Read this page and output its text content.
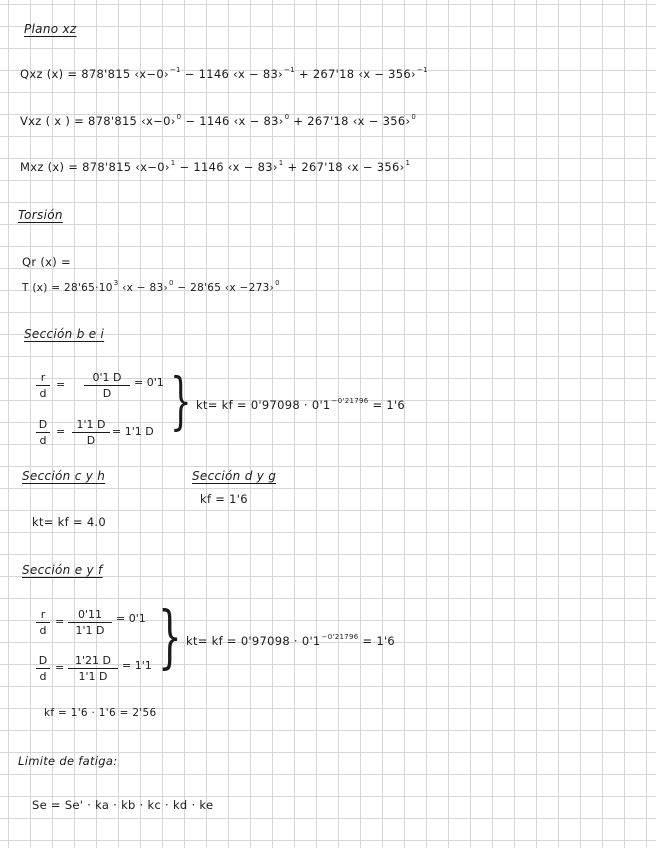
Plano xz
Qxz (x) = 878'815 ‹x−0›$^{-1}$ − 1146 ‹x − 83›$^{-1}$ + 267'18 ‹x − 356›$^{-1}$
Vxz ( x ) = 878'815 ‹x−0›$^0$ − 1146 ‹x − 83›$^0$ + 267'18 ‹x − 356›$^0$
Mxz (x) = 878'815 ‹x−0›$^1$ − 1146 ‹x − 83›$^1$ + 267'18 ‹x − 356›$^1$
Torsión
Qr (x) =
T $(x) = 28'65\cdot 10^3$ ‹x − 83›$^0$ − 28'65 ‹x −273›$^0$
Sección b e i
$\frac{r}{d} = \frac{0'1 D}{D} = 0'1$
$\frac{D}{d} = \frac{1'1 D}{D} = 1'1$ D } kt= kf = $0'97098 \cdot 0'1^{-0'21796} = 1'6$
Sección c y h	Sección d y g
kf = 1'6
kt= kf = 4.0
Sección e y f
$\frac{r}{d} = \frac{0'11}{1'1 D} = 0'1$
$\frac{D}{d} = \frac{1'21 D}{1'1 D} = 1'1$ } kt= kf = $0'97098 \cdot 0'1^{-0'21796} = 1'6$
kf = 1'6 · 1'6 = 2'56
Limite de fatiga:
Se = Se' · ka · kb · kc · kd · ke
